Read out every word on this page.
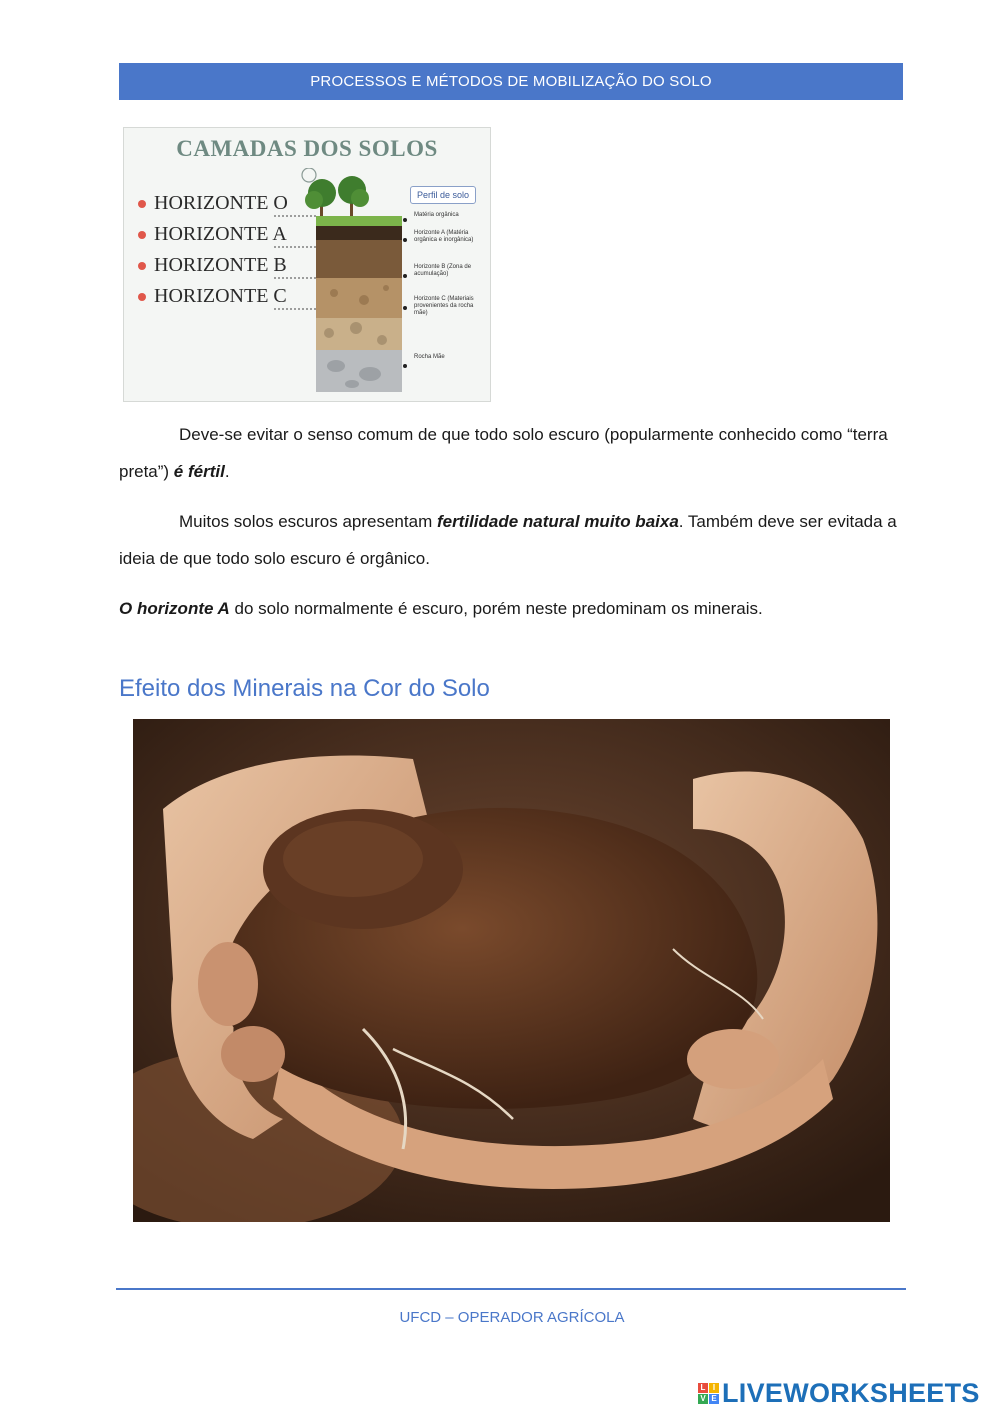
PROCESSOS E MÉTODOS DE MOBILIZAÇÃO DO SOLO
CAMADAS DOS SOLOS
HORIZONTE O
HORIZONTE A
HORIZONTE B
HORIZONTE C
Perfil de solo
Matéria orgânica
Horizonte A (Matéria orgânica e inorgânica)
Horizonte B (Zona de acumulação)
Horizonte C (Materiais provenientes da rocha mãe)
Rocha Mãe
Deve-se evitar o senso comum de que todo solo escuro (popularmente conhecido como “terra preta”) é fértil.
Muitos solos escuros apresentam fertilidade natural muito baixa. Também deve ser evitada a ideia de que todo solo escuro é orgânico.
O horizonte A do solo normalmente é escuro, porém neste predominam os minerais.
Efeito dos Minerais na Cor do Solo
UFCD – OPERADOR AGRÍCOLA
L I
V E LIVEWORKSHEETS
